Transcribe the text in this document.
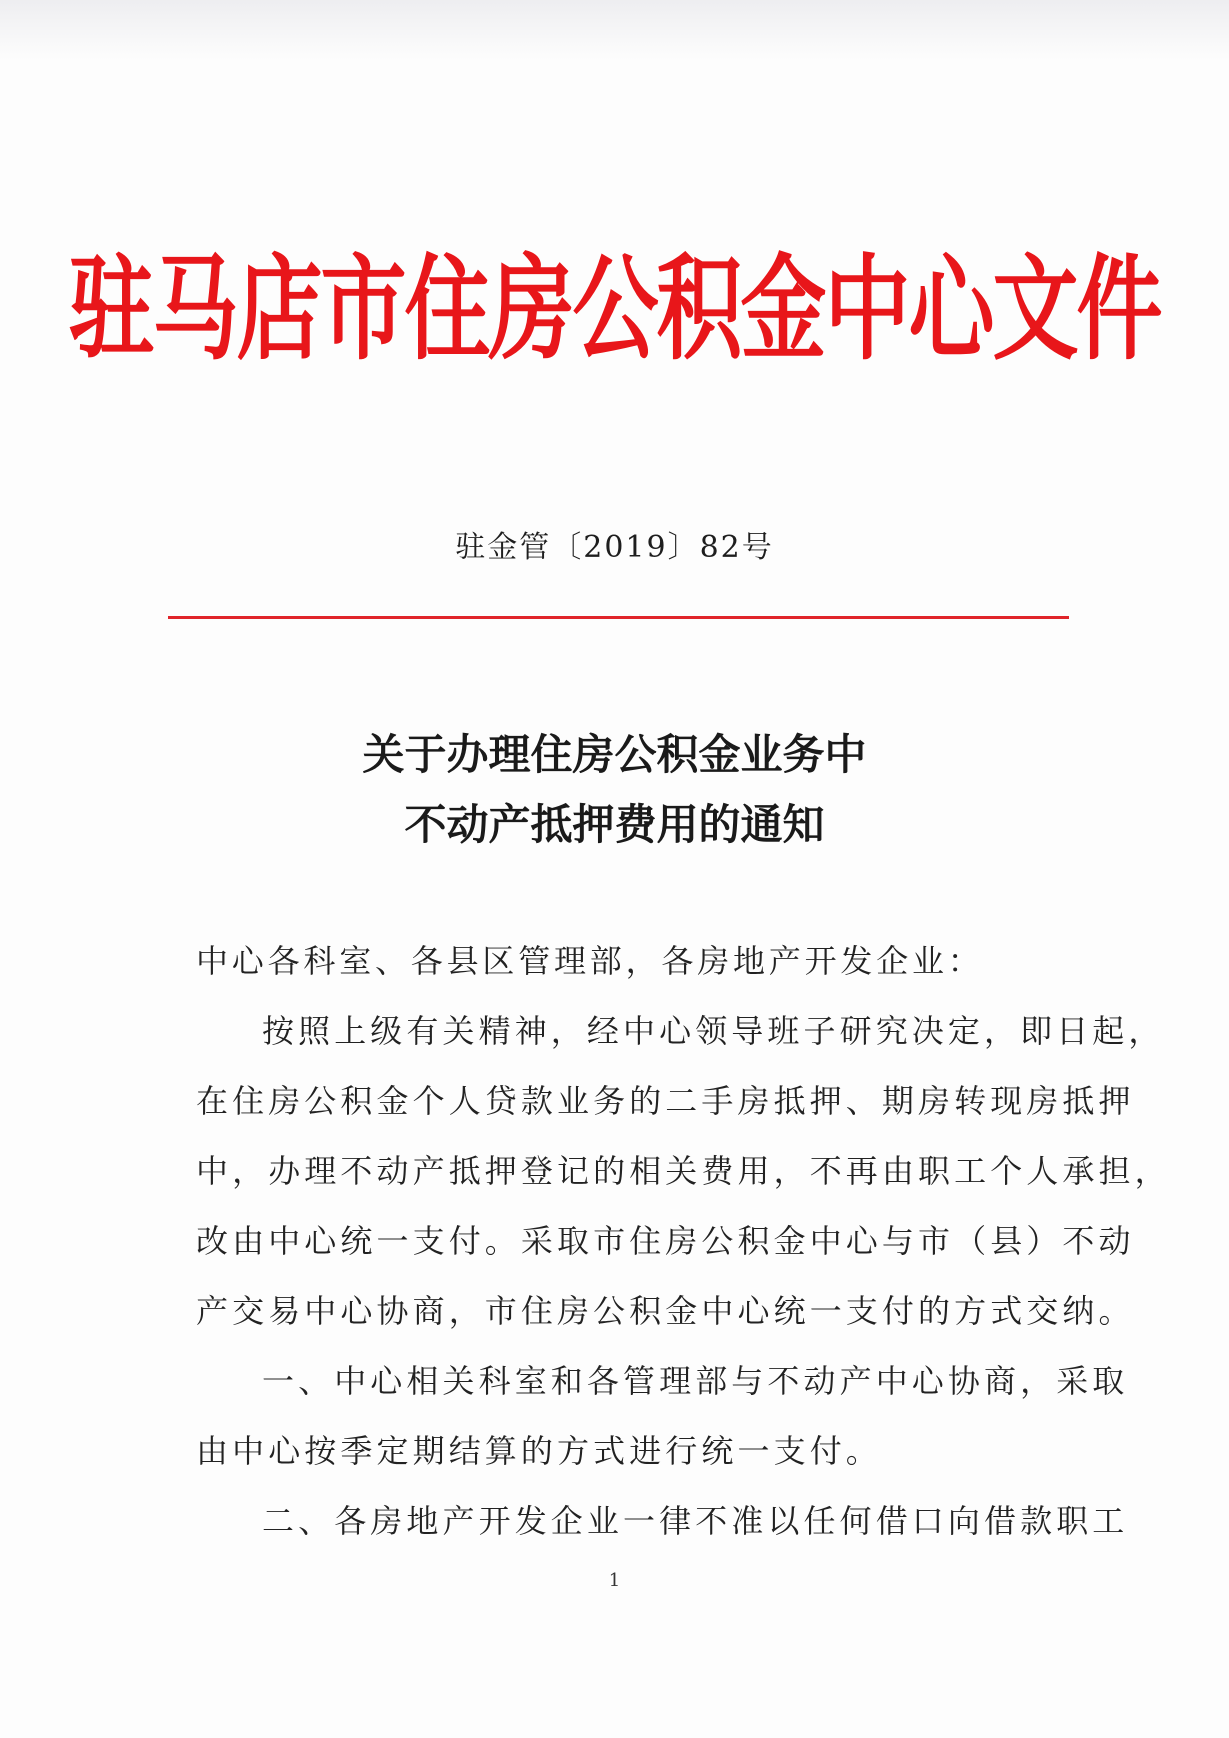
驻马店市住房公积金中心文件
驻金管〔2019〕82号
关于办理住房公积金业务中
不动产抵押费用的通知
中心各科室、各县区管理部，各房地产开发企业：
按照上级有关精神，经中心领导班子研究决定，即日起，
在住房公积金个人贷款业务的二手房抵押、期房转现房抵押
中，办理不动产抵押登记的相关费用，不再由职工个人承担，
改由中心统一支付。采取市住房公积金中心与市（县）不动
产交易中心协商，市住房公积金中心统一支付的方式交纳。
一、中心相关科室和各管理部与不动产中心协商，采取
由中心按季定期结算的方式进行统一支付。
二、各房地产开发企业一律不准以任何借口向借款职工
1
